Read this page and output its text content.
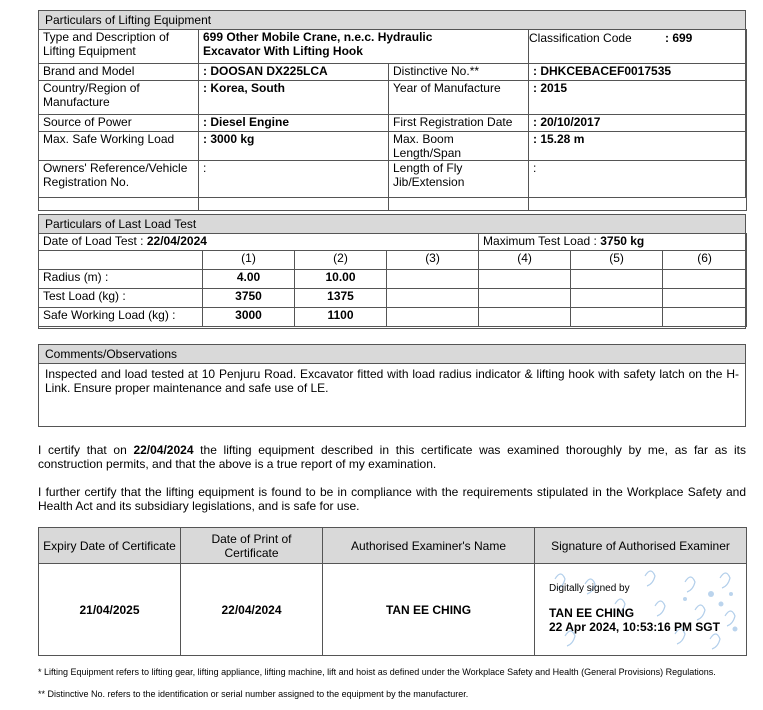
Particulars of Lifting Equipment
Type and Description of Lifting Equipment	699 Other Mobile Crane, n.e.c. Hydraulic Excavator With Lifting Hook		Classification Code : 699

Brand and Model	: DOOSAN DX225LCA	Distinctive No.**	: DHKCEBACEF0017535
Country/Region of Manufacture	: Korea, South	Year of Manufacture	: 2015
Source of Power	: Diesel Engine	First Registration Date	: 20/10/2017
Max. Safe Working Load	: 3000 kg	Max. Boom Length/Span	: 15.28 m
Owners' Reference/Vehicle Registration No.	:	Length of Fly Jib/Extension	:
Particulars of Last Load Test
Date of Load Test : 22/04/2024				Maximum Test Load : 3750 kg		
	(1)	(2)	(3)	(4)	(5)	(6)
Radius (m) :	4.00	10.00				
Test Load (kg) :	3750	1375				
Safe Working Load (kg) :	3000	1100				
Comments/Observations
Inspected and load tested at 10 Penjuru Road. Excavator fitted with load radius indicator & lifting hook with safety latch on the H-Link. Ensure proper maintenance and safe use of LE.
I certify that on 22/04/2024 the lifting equipment described in this certificate was examined thoroughly by me, as far as its construction permits, and that the above is a true report of my examination.
I further certify that the lifting equipment is found to be in compliance with the requirements stipulated in the Workplace Safety and Health Act and its subsidiary legislations, and is safe for use.
Expiry Date of Certificate	Date of Print of Certificate	Authorised Examiner's Name	Signature of Authorised Examiner
21/04/2025	22/04/2024	TAN EE CHING	Digitally signed by
TAN EE CHING
22 Apr 2024, 10:53:16 PM SGT
* Lifting Equipment refers to lifting gear, lifting appliance, lifting machine, lift and hoist as defined under the Workplace Safety and Health (General Provisions) Regulations.
** Distinctive No. refers to the identification or serial number assigned to the equipment by the manufacturer.
